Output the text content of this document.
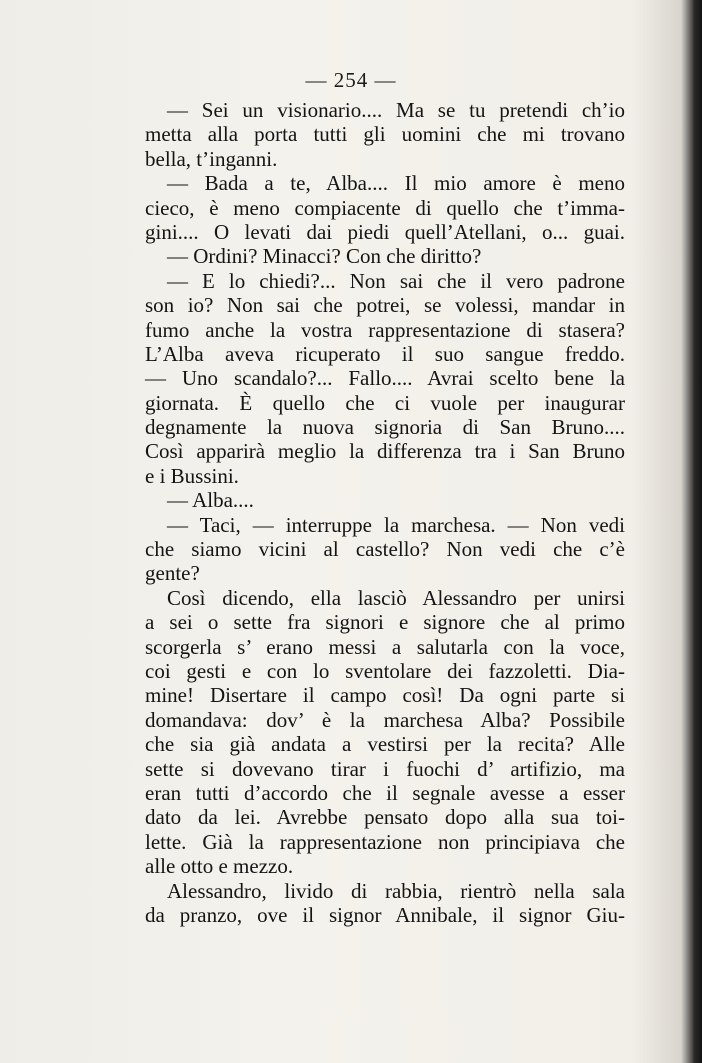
— 254 —
— Sei un visionario.... Ma se tu pretendi ch’io
metta alla porta tutti gli uomini che mi trovano
bella, t’inganni.
— Bada a te, Alba.... Il mio amore è meno
cieco, è meno compiacente di quello che t’imma-
gini.... O levati dai piedi quell’Atellani, o... guai.
— Ordini? Minacci? Con che diritto?
— E lo chiedi?... Non sai che il vero padrone
son io? Non sai che potrei, se volessi, mandar in
fumo anche la vostra rappresentazione di stasera?
L’Alba aveva ricuperato il suo sangue freddo.
— Uno scandalo?... Fallo.... Avrai scelto bene la
giornata. È quello che ci vuole per inaugurar
degnamente la nuova signoria di San Bruno....
Così apparirà meglio la differenza tra i San Bruno
e i Bussini.
— Alba....
— Taci, — interruppe la marchesa. — Non vedi
che siamo vicini al castello? Non vedi che c’è
gente?
Così dicendo, ella lasciò Alessandro per unirsi
a sei o sette fra signori e signore che al primo
scorgerla s’ erano messi a salutarla con la voce,
coi gesti e con lo sventolare dei fazzoletti. Dia-
mine! Disertare il campo così! Da ogni parte si
domandava: dov’ è la marchesa Alba? Possibile
che sia già andata a vestirsi per la recita? Alle
sette si dovevano tirar i fuochi d’ artifizio, ma
eran tutti d’accordo che il segnale avesse a esser
dato da lei. Avrebbe pensato dopo alla sua toi-
lette. Già la rappresentazione non principiava che
alle otto e mezzo.
Alessandro, livido di rabbia, rientrò nella sala
da pranzo, ove il signor Annibale, il signor Giu-
